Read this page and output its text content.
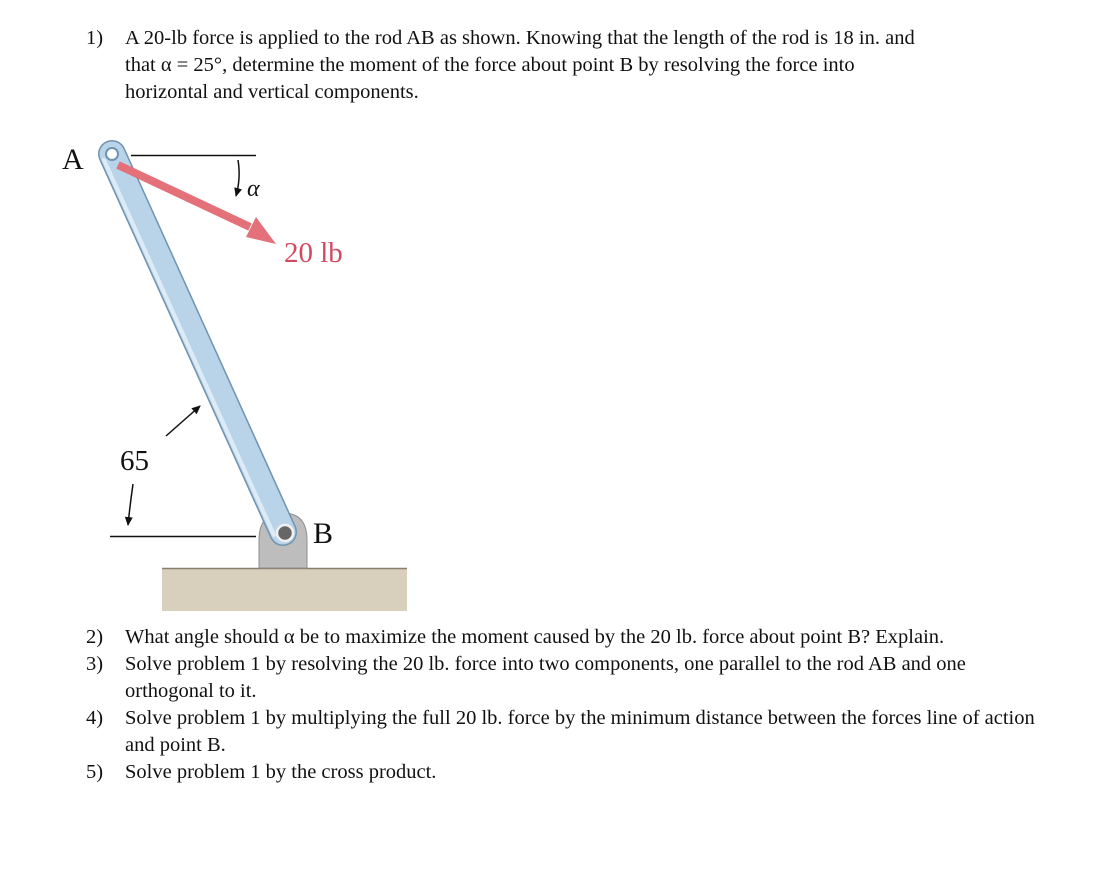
1) A 20-lb force is applied to the rod AB as shown. Knowing that the length of the rod is 18 in. and
that α = 25°, determine the moment of the force about point B by resolving the force into
horizontal and vertical components.
α
20 lb
A
B
65
2) What angle should α be to maximize the moment caused by the 20 lb. force about point B? Explain.
3) Solve problem 1 by resolving the 20 lb. force into two components, one parallel to the rod AB and one orthogonal to it.
4) Solve problem 1 by multiplying the full 20 lb. force by the minimum distance between the forces line of action and point B.
5) Solve problem 1 by the cross product.
